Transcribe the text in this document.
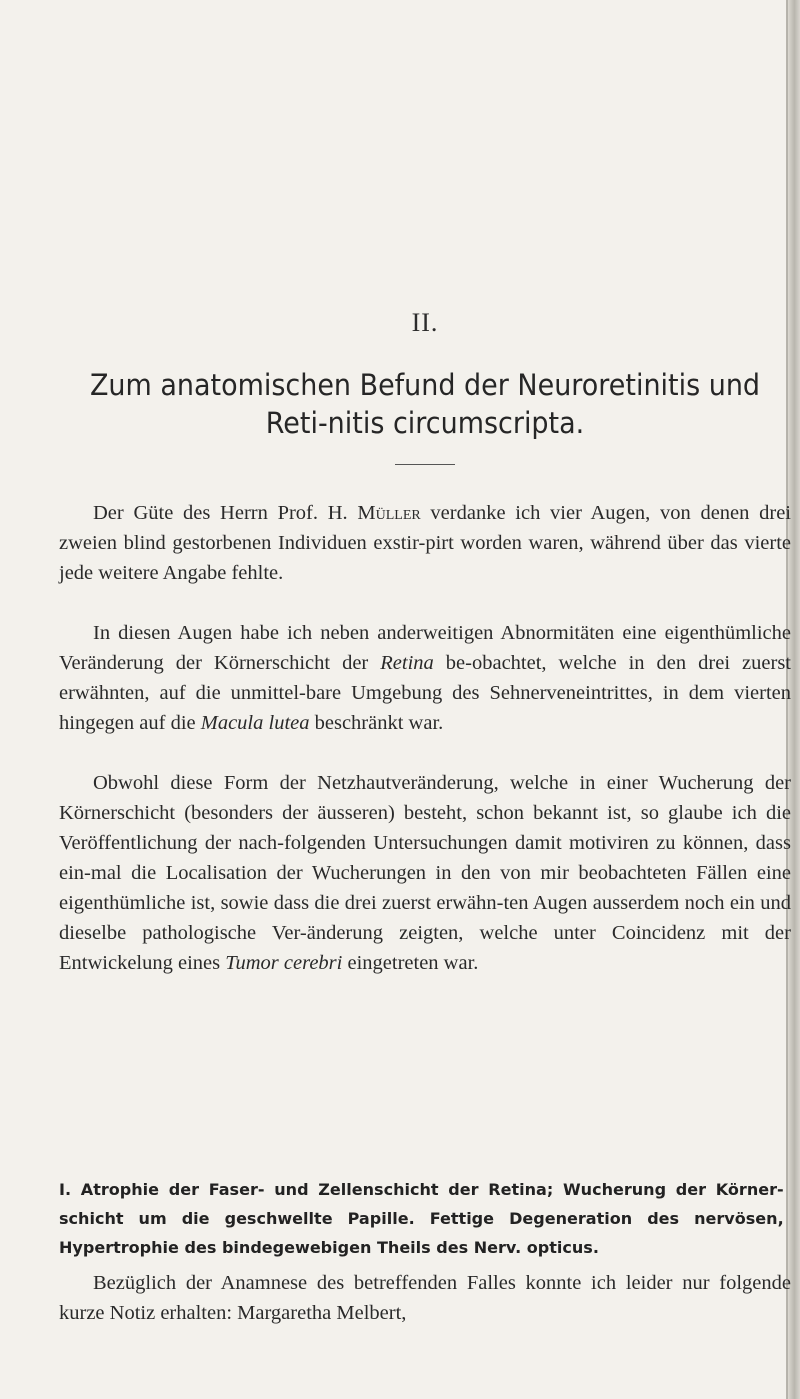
II.
Zum anatomischen Befund der Neuroretinitis und Reti-nitis circumscripta.

Der Güte des Herrn Prof. H. Müller verdanke ich vier Augen, von denen drei zweien blind gestorbenen Individuen exstir-pirt worden waren, während über das vierte jede weitere Angabe fehlte.

In diesen Augen habe ich neben anderweitigen Abnormitäten eine eigenthümliche Veränderung der Körnerschicht der Retina be-obachtet, welche in den drei zuerst erwähnten, auf die unmittel-bare Umgebung des Sehnerveneintrittes, in dem vierten hingegen auf die Macula lutea beschränkt war.

Obwohl diese Form der Netzhautveränderung, welche in einer Wucherung der Körnerschicht (besonders der äusseren) besteht, schon bekannt ist, so glaube ich die Veröffentlichung der nach-folgenden Untersuchungen damit motiviren zu können, dass ein-mal die Localisation der Wucherungen in den von mir beobachteten Fällen eine eigenthümliche ist, sowie dass die drei zuerst erwähn-ten Augen ausserdem noch ein und dieselbe pathologische Ver-änderung zeigten, welche unter Coincidenz mit der Entwickelung eines Tumor cerebri eingetreten war.

I. Atrophie der Faser- und Zellenschicht der Retina; Wucherung der Körner-schicht um die geschwellte Papille. Fettige Degeneration des nervösen, Hypertrophie des bindegewebigen Theils des Nerv. opticus.

Bezüglich der Anamnese des betreffenden Falles konnte ich leider nur folgende kurze Notiz erhalten: Margaretha Melbert,
